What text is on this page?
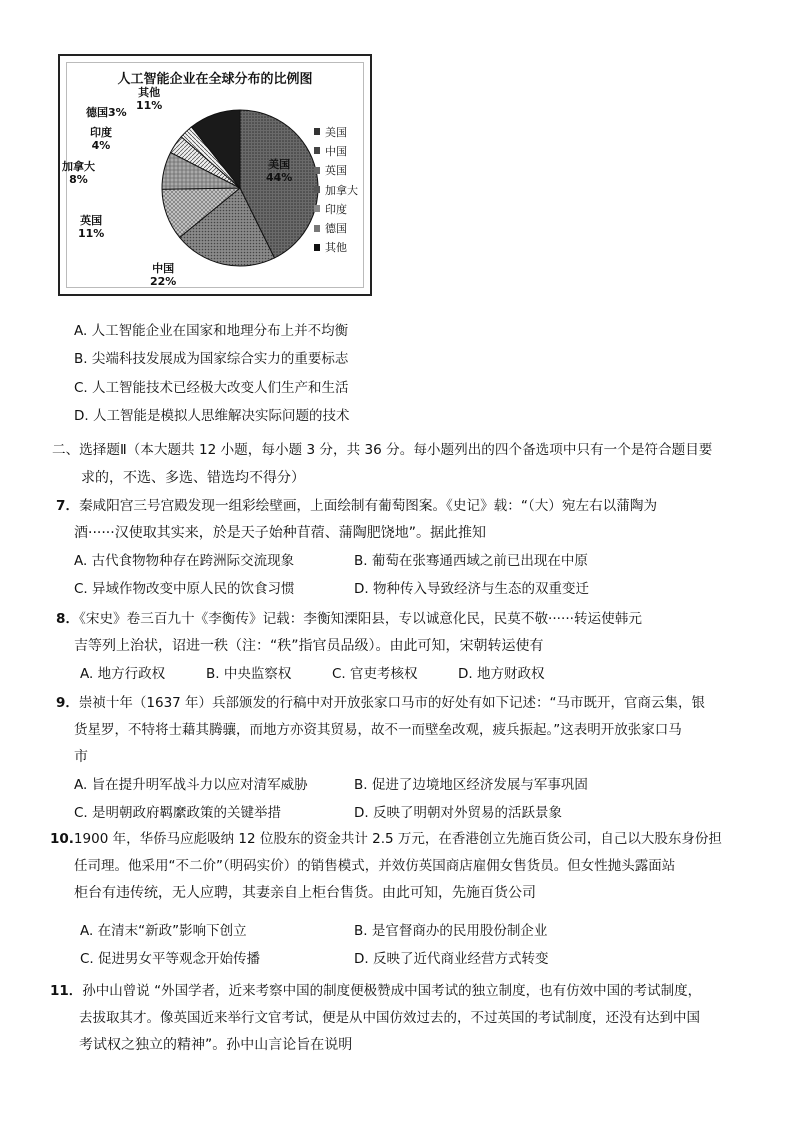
人工智能企业在全球分布的比例图
美国
44%
中国
22%
英国
11%
加拿大
8%
印度
4%
德国3%
其他
11%
美国
中国
英国
加拿大
印度
德国
其他
A. 人工智能企业在国家和地理分布上并不均衡
B. 尖端科技发展成为国家综合实力的重要标志
C. 人工智能技术已经极大改变人们生产和生活
D. 人工智能是模拟人思维解决实际问题的技术
二、选择题Ⅱ（本大题共 12 小题，每小题 3 分，共 36 分。每小题列出的四个备选项中只有一个是符合题目要
求的，不选、多选、错选均不得分）
7．秦咸阳宫三号宫殿发现一组彩绘壁画，上面绘制有葡萄图案。《史记》载：“（大）宛左右以蒲陶为
酒······汉使取其实来，於是天子始种苜蓿、蒲陶肥饶地”。据此推知
A. 古代食物物种存在跨洲际交流现象	B. 葡萄在张骞通西域之前已出现在中原
C. 异域作物改变中原人民的饮食习惯	D. 物种传入导致经济与生态的双重变迁
8．《宋史》卷三百九十《李衡传》记载：李衡知溧阳县，专以诚意化民，民莫不敬······转运使韩元
吉等列上治状，诏进一秩（注：“秩”指官员品级）。由此可知，宋朝转运使有
A. 地方行政权	B. 中央监察权	C. 官吏考核权	D. 地方财政权
9．崇祯十年（1637 年）兵部颁发的行稿中对开放张家口马市的好处有如下记述：“马市既开，官商云集，银
货星罗，不特将士藉其腾骧，而地方亦资其贸易，故不一而壁垒改观，疲兵振起。”这表明开放张家口马
市
A. 旨在提升明军战斗力以应对清军威胁	B. 促进了边境地区经济发展与军事巩固
C. 是明朝政府羁縻政策的关键举措	D. 反映了明朝对外贸易的活跃景象
10.1900 年，华侨马应彪吸纳 12 位股东的资金共计 2.5 万元，在香港创立先施百货公司，自己以大股东身份担
任司理。他采用“不二价”（明码实价）的销售模式，并效仿英国商店雇佣女售货员。但女性抛头露面站
柜台有违传统，无人应聘，其妻亲自上柜台售货。由此可知，先施百货公司
A. 在清末“新政”影响下创立	B. 是官督商办的民用股份制企业
C. 促进男女平等观念开始传播	D. 反映了近代商业经营方式转变
11．孙中山曾说 “外国学者，近来考察中国的制度便极赞成中国考试的独立制度，也有仿效中国的考试制度，
去拔取其才。像英国近来举行文官考试，便是从中国仿效过去的，不过英国的考试制度，还没有达到中国
考试权之独立的精神”。孙中山言论旨在说明
